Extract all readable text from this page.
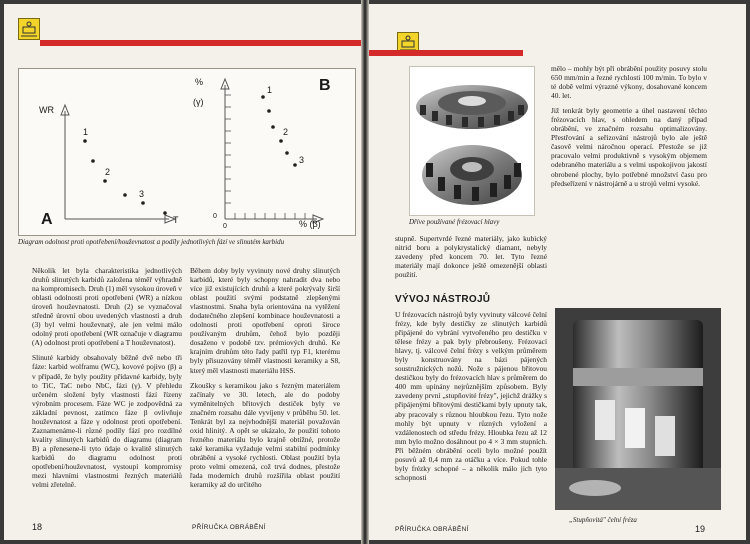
WR
T
A
1
2
3
%
(γ)
0
0	% (β)
B
1
2
3
Diagram odolnost proti opotřebení/houževnatost a podíly jednotlivých fází ve slinutém karbidu

Několik let byla charakteristika jednotlivých druhů slinutých karbidů založena téměř výhradně na kompromisech. Druh (1) měl vysokou úroveň v oblasti odolnosti proti opotřebení (WR) a nízkou úroveň houževnatosti. Druh (2) se vyznačoval středně úrovní obou uvedených vlastností a druh (3) byl velmi houževnatý, ale jen velmi málo odolný proti opotřebení (WR označuje v diagramu (A) odolnost proti opotřebení a T houževnatost).

Slinuté karbidy obsahovaly běžně dvě nebo tři fáze: karbid wolframu (WC), kovové pojivo (β) a v případě, že byly použity přídavné karbidy, byly to TiC, TaC nebo NbC, fázi (γ). V přehledu určeném složení byly vlastnosti fází řízeny výrobním procesem. Fáze WC je zodpovědná za základní pevnost, zatímco fáze β ovlivňuje houževnatost a fáze γ odolnost proti opotřebení. Zaznamenáme-li různé podíly fází pro rozdílné kvality slinutých karbidů do diagramu (diagram B) a přenesene-li tyto údaje o kvalitě slinutých karbidů do diagramu odolnost proti opotřebení/houževnatost, vystoupí kompromisy mezi hlavními vlastnostmi řezných materiálů velmi zřetelně.

Během doby byly vyvinuty nové druhy slinutých karbidů, které byly schopny nahradit dva nebo více již existujících druhů a které pokrývaly širší oblast použití svými podstatně zlepšenými vlastnostmi. Snaha byla orientována na vytěžení dodatečného zlepšení kombinace houževnatosti a odolnosti proti opotřebení oproti široce používaným druhům, čehož bylo později dosaženo v podobě tzv. prémiových druhů. Ke krajním druhům této řady patřil typ F1, kterému byly přisuzovány téměř vlastnosti keramiky a S8, který měl vlastnosti materiálu HSS.

Zkoušky s keramikou jako s řezným materiálem začínaly ve 30. letech, ale do podoby vyměnitelných břitových destiček byly ve značném rozsahu dále vyvíjeny v průběhu 50. let. Tenkrát byl za nejvhodnější materiál považován oxid hlinitý. A opět se ukázalo, že použití tohoto řezného materiálu bylo krajně obtížné, protože také keramika vyžaduje velmi stabilní podmínky obrábění a vysoké rychlosti. Oblast použití byla proto velmi omezená, což trvá dodnes, přestože řada moderních druhů rozšířila oblast použití keramiky až do určitého

18	PŘÍRUČKA OBRÁBĚNÍ
Dříve používané frézovací hlavy

mělo – mohly být při obrábění použity posuvy stolu 650 mm/min a řezné rychlosti 100 m/min. To bylo v té době velmi výrazné výkony, dosahované koncem 40. let.

Již tenkrát byly geometrie a úhel nastavení těchto frézovacích hlav, s ohledem na daný případ obrábění, ve značném rozsahu optimalizovány. Přestřování a seřizování nástrojů bylo ale ještě časově velmi náročnou operací. Přestože se již pracovalo velmi produktivně s vysokým objemem odebraného materiálu a s velmi uspokojivou jakostí obrobené plochy, bylo potřebné množství času pro předseřízení v nástrojárně a u strojů velmi vysoké.

stupně. Supertvrdé řezné materiály, jako kubický nitrid boru a polykrystalický diamant, nebyly zavedeny před koncem 70. let. Tyto řezné materiály mají dokonce ještě omezenější oblasti použití.
VÝVOJ NÁSTROJŮ
U frézovacích nástrojů byly vyvinuty válcové čelní frézy, kde byly destičky ze slinutých karbidů připájené do vybrání vytvořeného pro destičku v tělese frézy a pak byly přebroušeny. Frézovací hlavy, tj. válcové čelní frézy s velkým průměrem byly konstruovány na bázi pájených soustružnických nožů. Nože s pájenou břitovou destičkou byly do frézovacích hlav s průměrem do 400 mm upínány nejrůznějším způsobem. Byly zavedeny první „stupňovité frézy", jejichž drážky s připájenými břitovými destičkami byly upnuty tak, aby pracovaly s různou hloubkou řezu. Tyto nože mohly být upnuty v různých vyložení a vzdálenostech od středu frézy. Hloubka řezu až 12 mm bylo možno dosáhnout po 4 × 3 mm stupních. Při běžném obrábění oceli bylo možné použít posuvů až 0,4 mm za otáčku a více. Pokud tohle byly frézky schopné – a několik málo jich tyto schopnosti
„Stupňovitá" čelní fréza
PŘÍRUČKA OBRÁBĚNÍ	19
